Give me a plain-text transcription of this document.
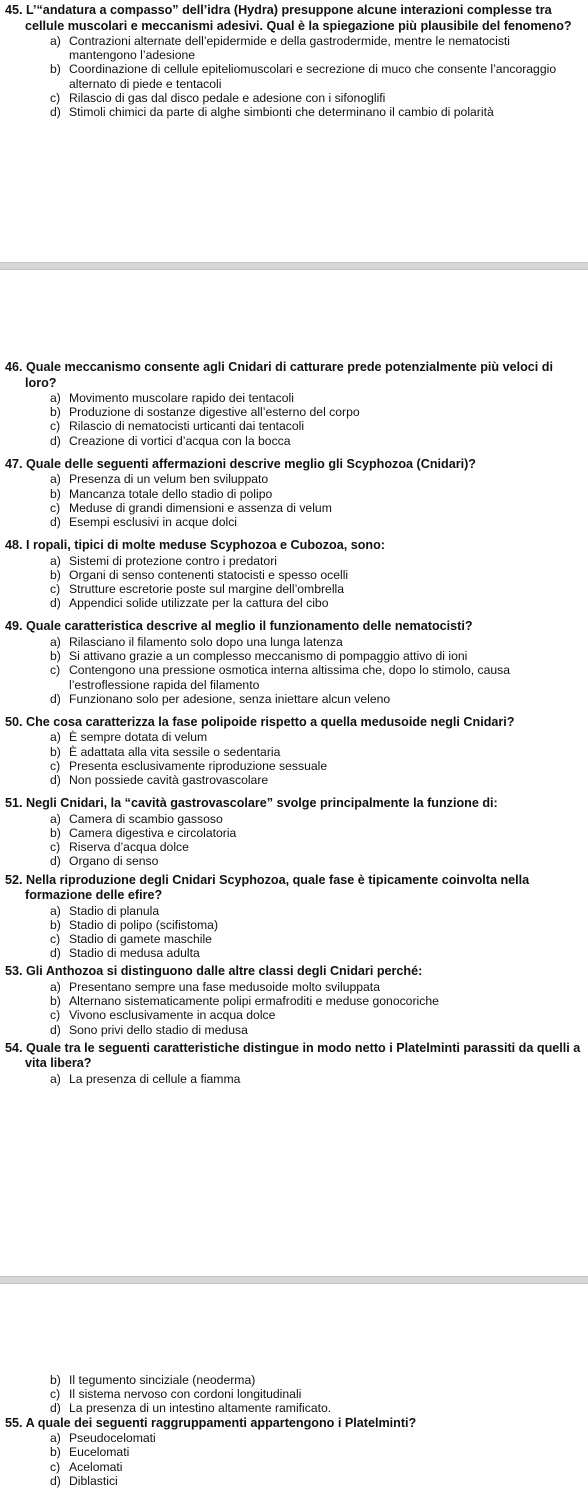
45. L’“andatura a compasso” dell’idra (Hydra) presuppone alcune interazioni complesse tra cellule muscolari e meccanismi adesivi. Qual è la spiegazione più plausibile del fenomeno?

a) Contrazioni alternate dell’epidermide e della gastrodermide, mentre le nematocisti mantengono l’adesione
b) Coordinazione di cellule epiteliomuscolari e secrezione di muco che consente l’ancoraggio alternato di piede e tentacoli
c) Rilascio di gas dal disco pedale e adesione con i sifonoglifi
d) Stimoli chimici da parte di alghe simbionti che determinano il cambio di polarità

46. Quale meccanismo consente agli Cnidari di catturare prede potenzialmente più veloci di loro?

a) Movimento muscolare rapido dei tentacoli
b) Produzione di sostanze digestive all’esterno del corpo
c) Rilascio di nematocisti urticanti dai tentacoli
d) Creazione di vortici d’acqua con la bocca

47. Quale delle seguenti affermazioni descrive meglio gli Scyphozoa (Cnidari)?

a) Presenza di un velum ben sviluppato
b) Mancanza totale dello stadio di polipo
c) Meduse di grandi dimensioni e assenza di velum
d) Esempi esclusivi in acque dolci

48. I ropali, tipici di molte meduse Scyphozoa e Cubozoa, sono:

a) Sistemi di protezione contro i predatori
b) Organi di senso contenenti statocisti e spesso ocelli
c) Strutture escretorie poste sul margine dell’ombrella
d) Appendici solide utilizzate per la cattura del cibo

49. Quale caratteristica descrive al meglio il funzionamento delle nematocisti?

a) Rilasciano il filamento solo dopo una lunga latenza
b) Si attivano grazie a un complesso meccanismo di pompaggio attivo di ioni
c) Contengono una pressione osmotica interna altissima che, dopo lo stimolo, causa l’estroflessione rapida del filamento
d) Funzionano solo per adesione, senza iniettare alcun veleno

50. Che cosa caratterizza la fase polipoide rispetto a quella medusoide negli Cnidari?

a) È sempre dotata di velum
b) È adattata alla vita sessile o sedentaria
c) Presenta esclusivamente riproduzione sessuale
d) Non possiede cavità gastrovascolare

51. Negli Cnidari, la “cavità gastrovascolare” svolge principalmente la funzione di:

a) Camera di scambio gassoso
b) Camera digestiva e circolatoria
c) Riserva d’acqua dolce
d) Organo di senso

52. Nella riproduzione degli Cnidari Scyphozoa, quale fase è tipicamente coinvolta nella formazione delle efire?

a) Stadio di planula
b) Stadio di polipo (scifistoma)
c) Stadio di gamete maschile
d) Stadio di medusa adulta

53. Gli Anthozoa si distinguono dalle altre classi degli Cnidari perché:

a) Presentano sempre una fase medusoide molto sviluppata
b) Alternano sistematicamente polipi ermafroditi e meduse gonocoriche
c) Vivono esclusivamente in acqua dolce
d) Sono privi dello stadio di medusa

54. Quale tra le seguenti caratteristiche distingue in modo netto i Platelminti parassiti da quelli a vita libera?

a) La presenza di cellule a fiamma
b) Il tegumento sinciziale (neoderma)
c) Il sistema nervoso con cordoni longitudinali
d) La presenza di un intestino altamente ramificato.

55. A quale dei seguenti raggruppamenti appartengono i Platelminti?

a) Pseudocelomati
b) Eucelomati
c) Acelomati
d) Diblastici
